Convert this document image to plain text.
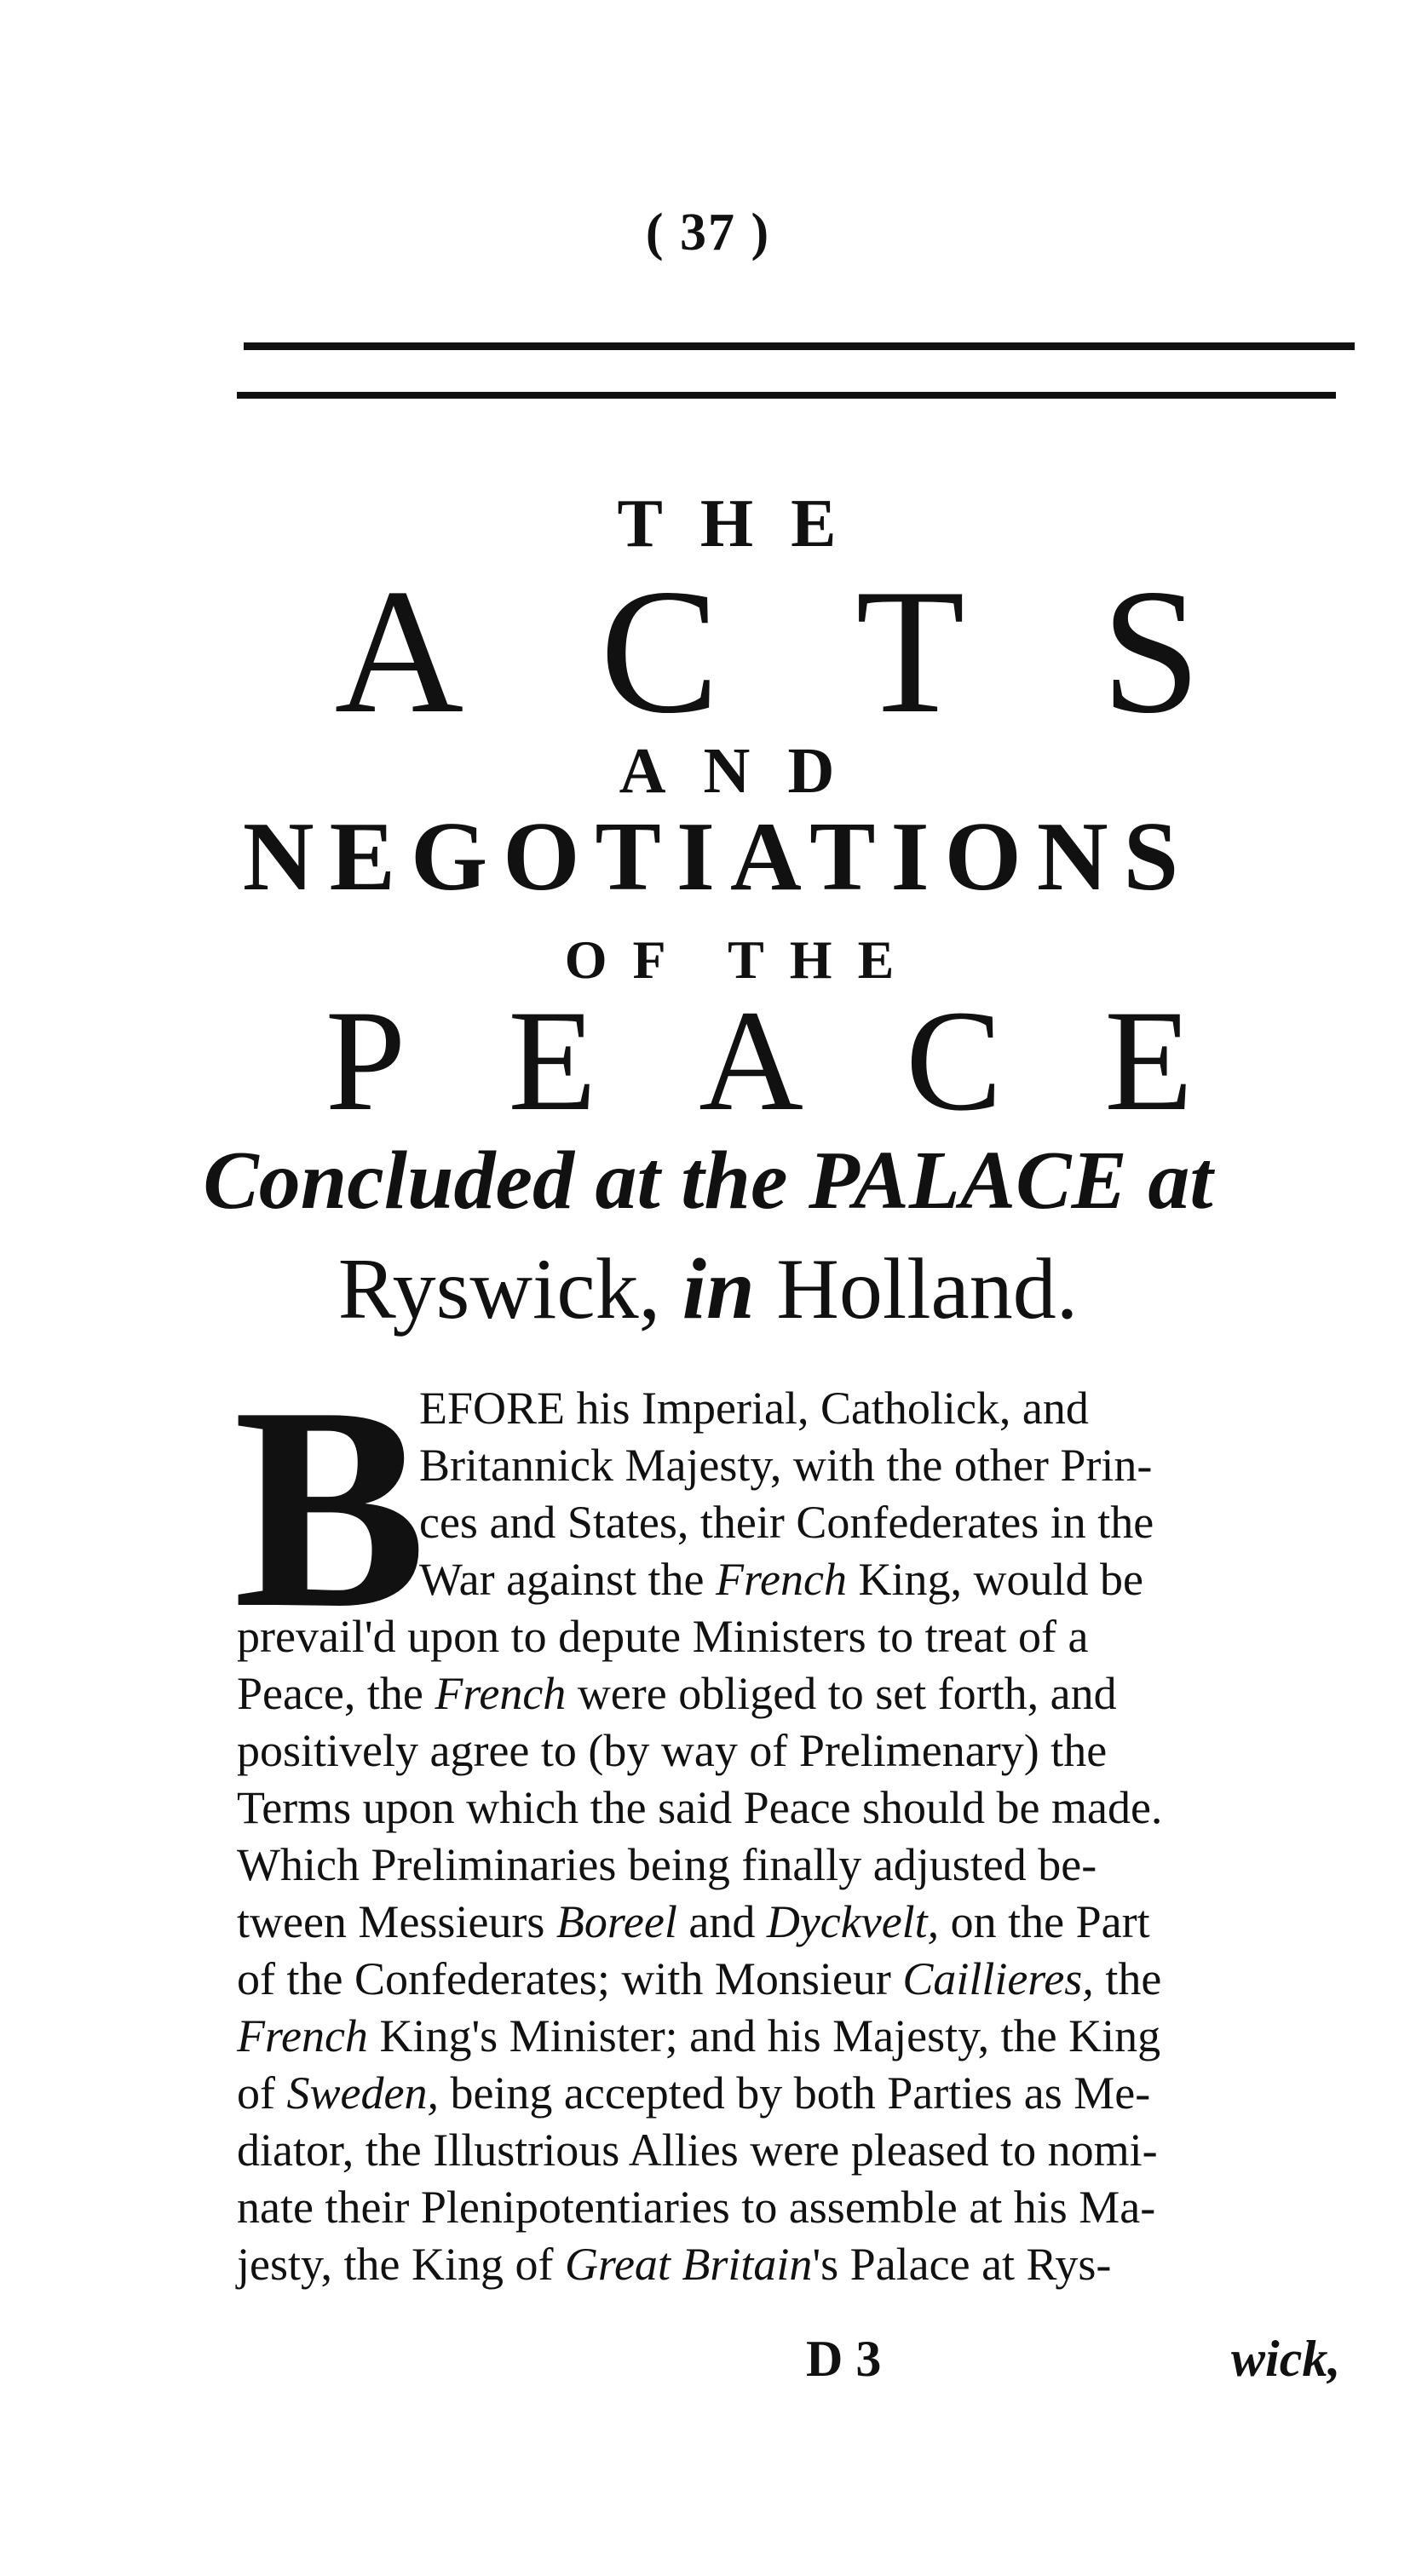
( 37 )
THE
ACTS
AND
NEGOTIATIONS
OF THE
PEACE
Concluded at the PALACE at
Ryswick, in Holland.
B
EFORE his Imperial, Catholick, and
Britannick Majesty, with the other Prin-
ces and States, their Confederates in the
War against the French King, would be
prevail'd upon to depute Ministers to treat of a
Peace, the French were obliged to set forth, and
positively agree to (by way of Prelimenary) the
Terms upon which the said Peace should be made.
Which Preliminaries being finally adjusted be-
tween Messieurs Boreel and Dyckvelt, on the Part
of the Confederates; with Monsieur Caillieres, the
French King's Minister; and his Majesty, the King
of Sweden, being accepted by both Parties as Me-
diator, the Illustrious Allies were pleased to nomi-
nate their Plenipotentiaries to assemble at his Ma-
jesty, the King of Great Britain's Palace at Rys-
D 3	wick,
